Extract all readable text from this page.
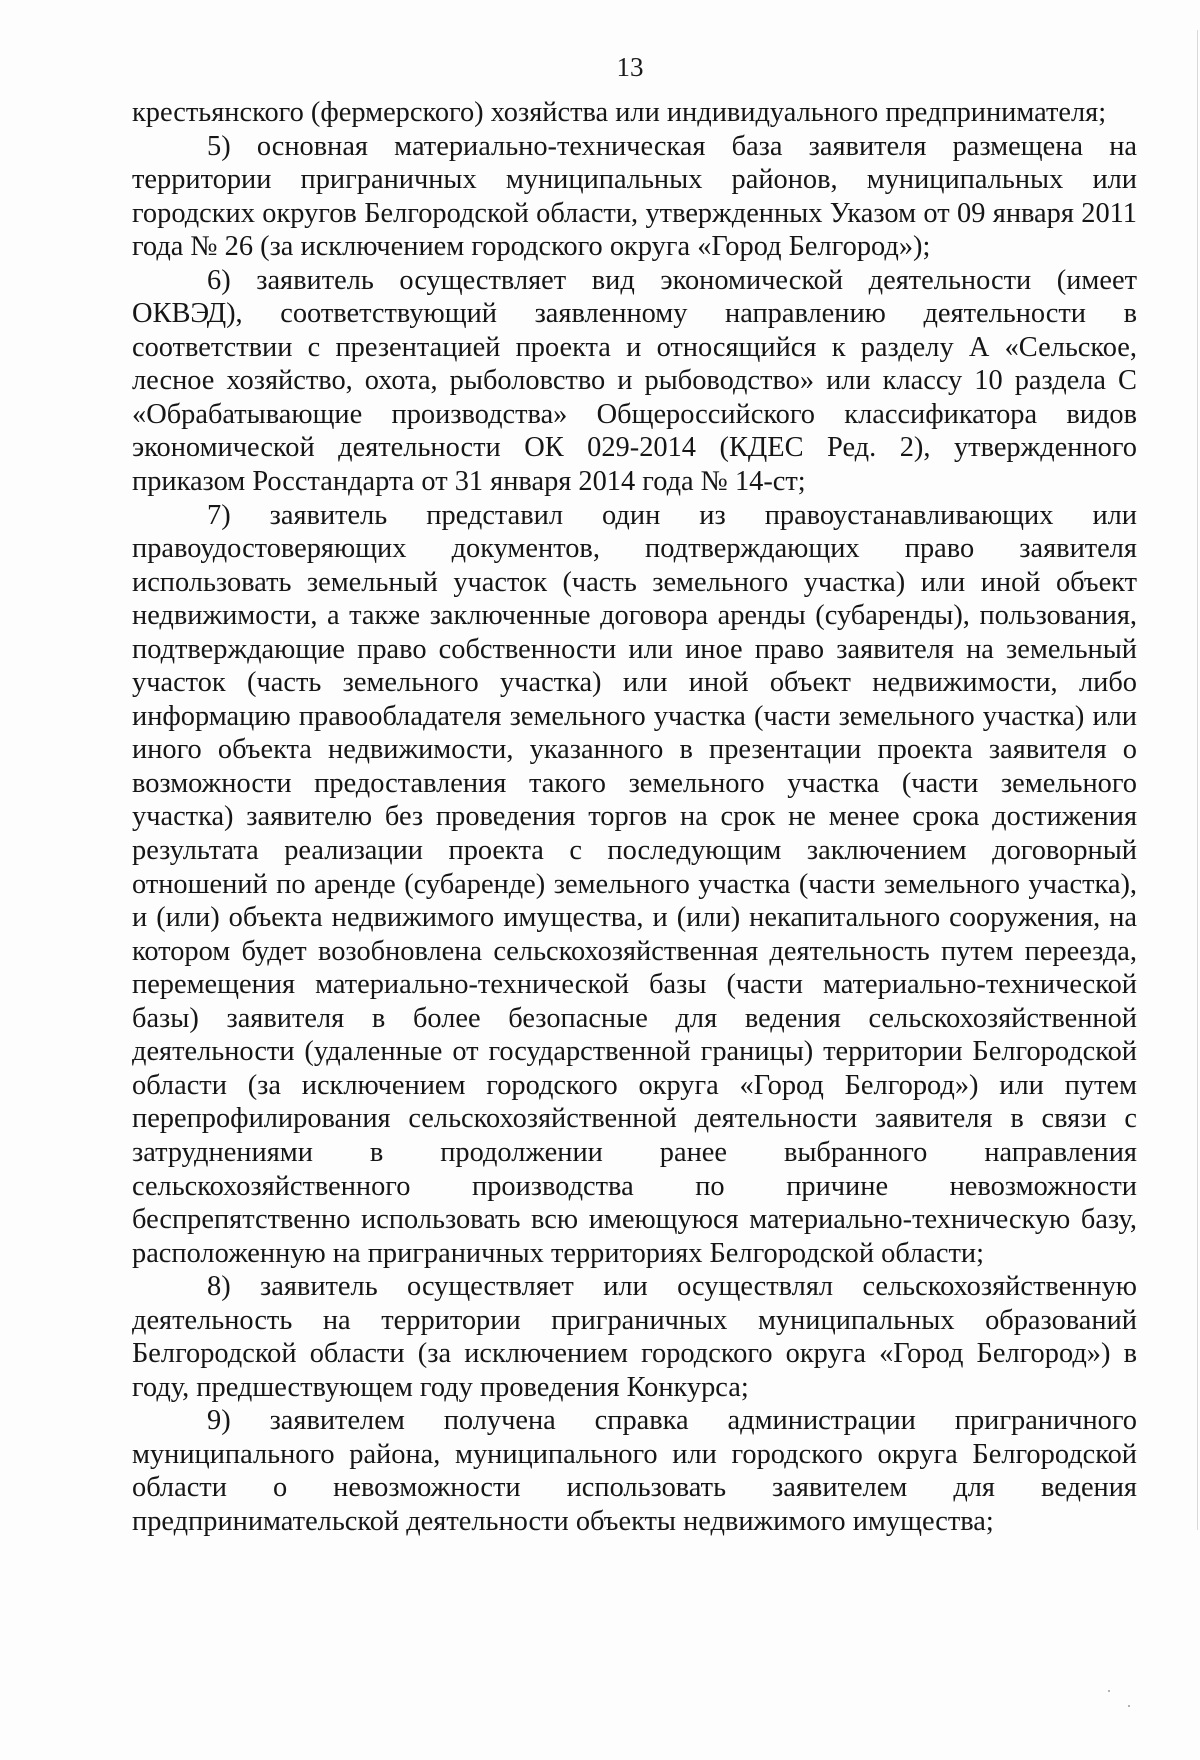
13

крестьянского (фермерского) хозяйства или индивидуального предпринимателя;

5) основная материально-техническая база заявителя размещена на территории приграничных муниципальных районов, муниципальных или городских округов Белгородской области, утвержденных Указом от 09 января 2011 года № 26 (за исключением городского округа «Город Белгород»);

6) заявитель осуществляет вид экономической деятельности (имеет ОКВЭД), соответствующий заявленному направлению деятельности в соответствии с презентацией проекта и относящийся к разделу А «Сельское, лесное хозяйство, охота, рыболовство и рыбоводство» или классу 10 раздела С «Обрабатывающие производства» Общероссийского классификатора видов экономической деятельности ОК 029-2014 (КДЕС Ред. 2), утвержденного приказом Росстандарта от 31 января 2014 года № 14-ст;

7) заявитель представил один из правоустанавливающих или правоудостоверяющих документов, подтверждающих право заявителя использовать земельный участок (часть земельного участка) или иной объект недвижимости, а также заключенные договора аренды (субаренды), пользования, подтверждающие право собственности или иное право заявителя на земельный участок (часть земельного участка) или иной объект недвижимости, либо информацию правообладателя земельного участка (части земельного участка) или иного объекта недвижимости, указанного в презентации проекта заявителя о возможности предоставления такого земельного участка (части земельного участка) заявителю без проведения торгов на срок не менее срока достижения результата реализации проекта с последующим заключением договорный отношений по аренде (субаренде) земельного участка (части земельного участка), и (или) объекта недвижимого имущества, и (или) некапитального сооружения, на котором будет возобновлена сельскохозяйственная деятельность путем переезда, перемещения материально-технической базы (части материально-технической базы) заявителя в более безопасные для ведения сельскохозяйственной деятельности (удаленные от государственной границы) территории Белгородской области (за исключением городского округа «Город Белгород») или путем перепрофилирования сельскохозяйственной деятельности заявителя в связи с затруднениями в продолжении ранее выбранного направления сельскохозяйственного производства по причине невозможности беспрепятственно использовать всю имеющуюся материально-техническую базу, расположенную на приграничных территориях Белгородской области;

8) заявитель осуществляет или осуществлял сельскохозяйственную деятельность на территории приграничных муниципальных образований Белгородской области (за исключением городского округа «Город Белгород») в году, предшествующем году проведения Конкурса;

9) заявителем получена справка администрации приграничного муниципального района, муниципального или городского округа Белгородской области о невозможности использовать заявителем для ведения предпринимательской деятельности объекты недвижимого имущества;
